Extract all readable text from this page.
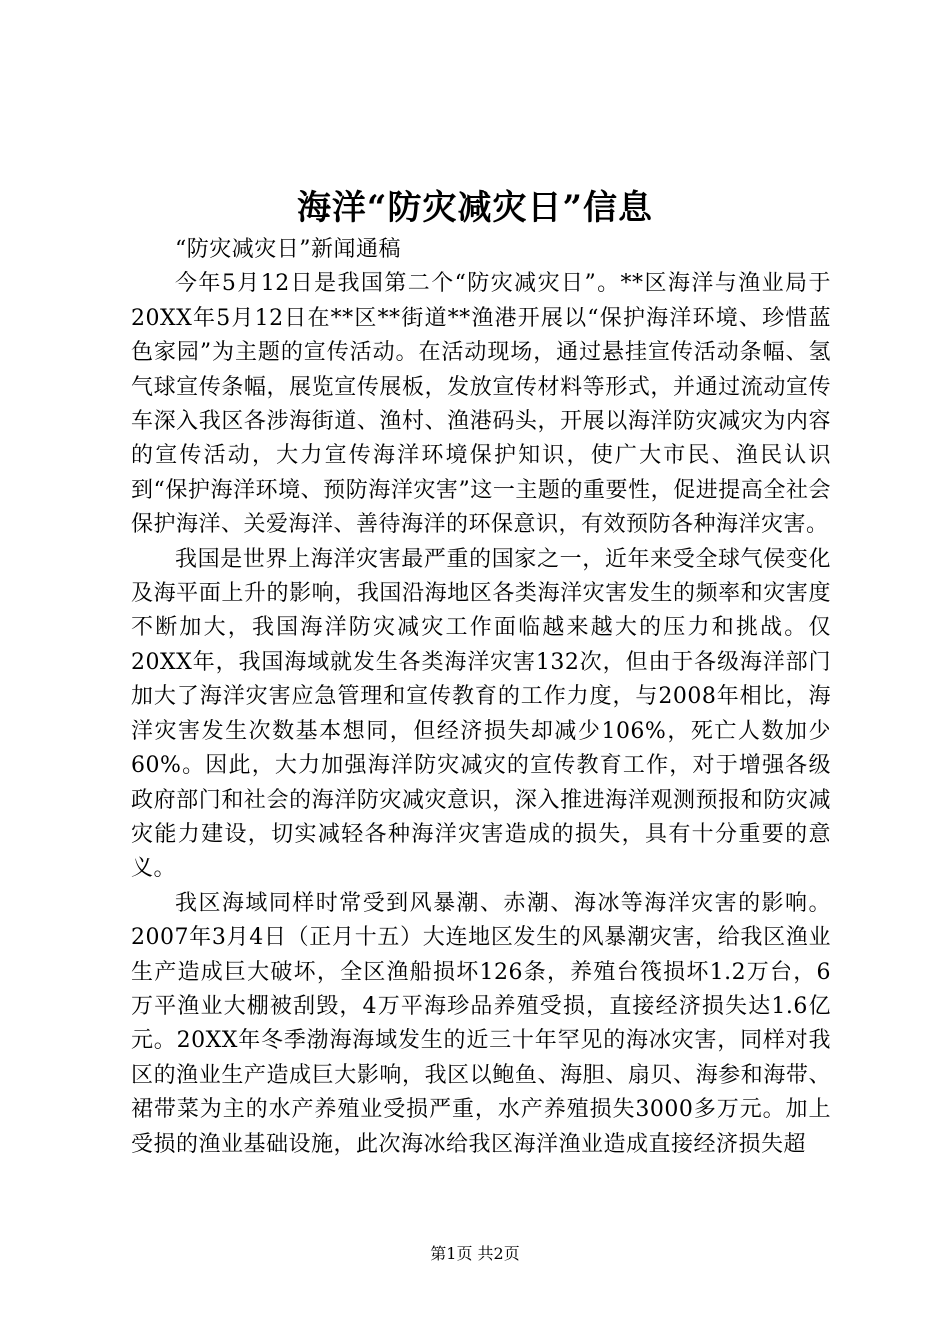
海洋“防灾减灾日”信息

“防灾减灾日”新闻通稿

今年5月12日是我国第二个“防灾减灾日”。**区海洋与渔业局于20XX年5月12日在**区**街道**渔港开展以“保护海洋环境、珍惜蓝色家园”为主题的宣传活动。在活动现场，通过悬挂宣传活动条幅、氢气球宣传条幅，展览宣传展板，发放宣传材料等形式，并通过流动宣传车深入我区各涉海街道、渔村、渔港码头，开展以海洋防灾减灾为内容的宣传活动，大力宣传海洋环境保护知识，使广大市民、渔民认识到“保护海洋环境、预防海洋灾害”这一主题的重要性，促进提高全社会保护海洋、关爱海洋、善待海洋的环保意识，有效预防各种海洋灾害。

我国是世界上海洋灾害最严重的国家之一，近年来受全球气侯变化及海平面上升的影响，我国沿海地区各类海洋灾害发生的频率和灾害度不断加大，我国海洋防灾减灾工作面临越来越大的压力和挑战。仅20XX年，我国海域就发生各类海洋灾害132次，但由于各级海洋部门加大了海洋灾害应急管理和宣传教育的工作力度，与2008年相比，海洋灾害发生次数基本想同，但经济损失却减少106%，死亡人数加少60%。因此，大力加强海洋防灾减灾的宣传教育工作，对于增强各级政府部门和社会的海洋防灾减灾意识，深入推进海洋观测预报和防灾减灾能力建设，切实减轻各种海洋灾害造成的损失，具有十分重要的意义。

我区海域同样时常受到风暴潮、赤潮、海冰等海洋灾害的影响。2007年3月4日（正月十五）大连地区发生的风暴潮灾害，给我区渔业生产造成巨大破坏，全区渔船损坏126条，养殖台筏损坏1.2万台，6万平渔业大棚被刮毁，4万平海珍品养殖受损，直接经济损失达1.6亿元。20XX年冬季渤海海域发生的近三十年罕见的海冰灾害，同样对我区的渔业生产造成巨大影响，我区以鲍鱼、海胆、扇贝、海参和海带、裙带菜为主的水产养殖业受损严重，水产养殖损失3000多万元。加上受损的渔业基础设施，此次海冰给我区海洋渔业造成直接经济损失超

第1页 共2页
